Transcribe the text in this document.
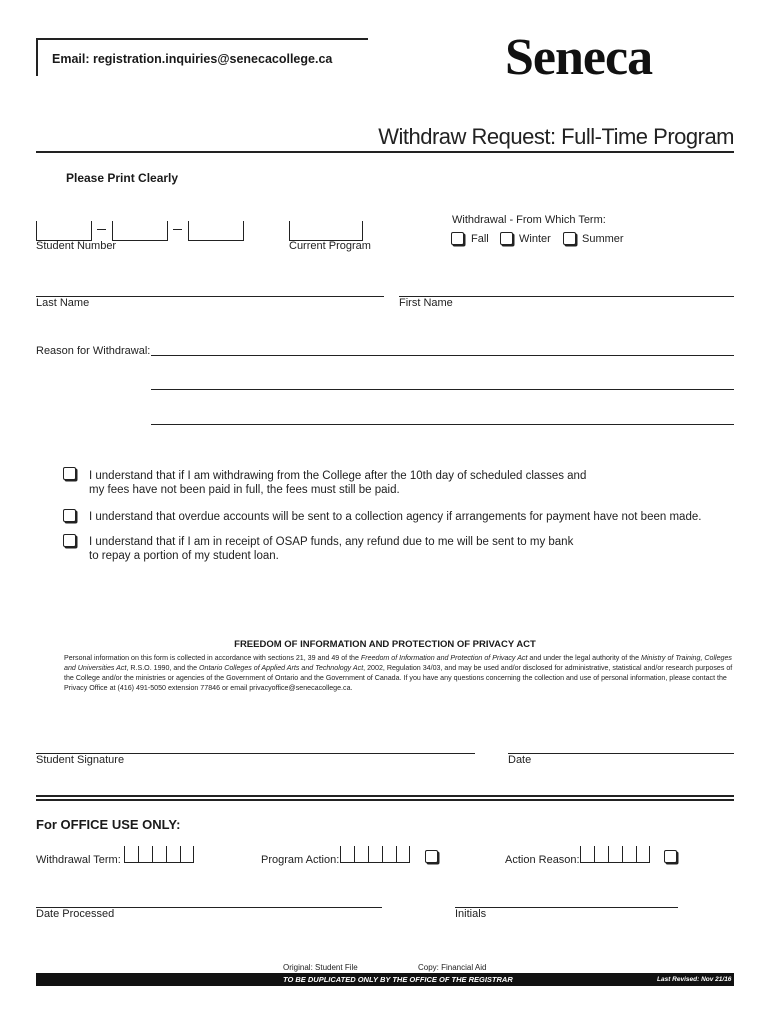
Email: registration.inquiries@senecacollege.ca	Seneca
Withdraw Request: Full-Time Program
Please Print Clearly
Student Number	Current Program
Withdrawal - From Which Term:
Fall	Winter	Summer
Last Name	First Name
Reason for Withdrawal:
I understand that if I am withdrawing from the College after the 10th day of scheduled classes and
my fees have not been paid in full, the fees must still be paid.
I understand that overdue accounts will be sent to a collection agency if arrangements for payment have not been made.
I understand that if I am in receipt of OSAP funds, any refund due to me will be sent to my bank
to repay a portion of my student loan.
FREEDOM OF INFORMATION AND PROTECTION OF PRIVACY ACT
Personal information on this form is collected in accordance with sections 21, 39 and 49 of the Freedom of Information and Protection of Privacy Act and under the legal authority of the Ministry of Training, Colleges and Universities Act, R.S.O. 1990, and the Ontario Colleges of Applied Arts and Technology Act, 2002, Regulation 34/03, and may be used and/or disclosed for administrative, statistical and/or research purposes of the College and/or the ministries or agencies of the Government of Ontario and the Government of Canada. If you have any questions concerning the collection and use of personal information, please contact the Privacy Office at (416) 491-5050 extension 77846 or email privacyoffice@senecacollege.ca.
Student Signature	Date
For OFFICE USE ONLY:
Withdrawal Term:	Program Action:	Action Reason:
Date Processed	Initials
Original: Student File	Copy: Financial Aid
TO BE DUPLICATED ONLY BY THE OFFICE OF THE REGISTRAR	Last Revised: Nov 21/16
